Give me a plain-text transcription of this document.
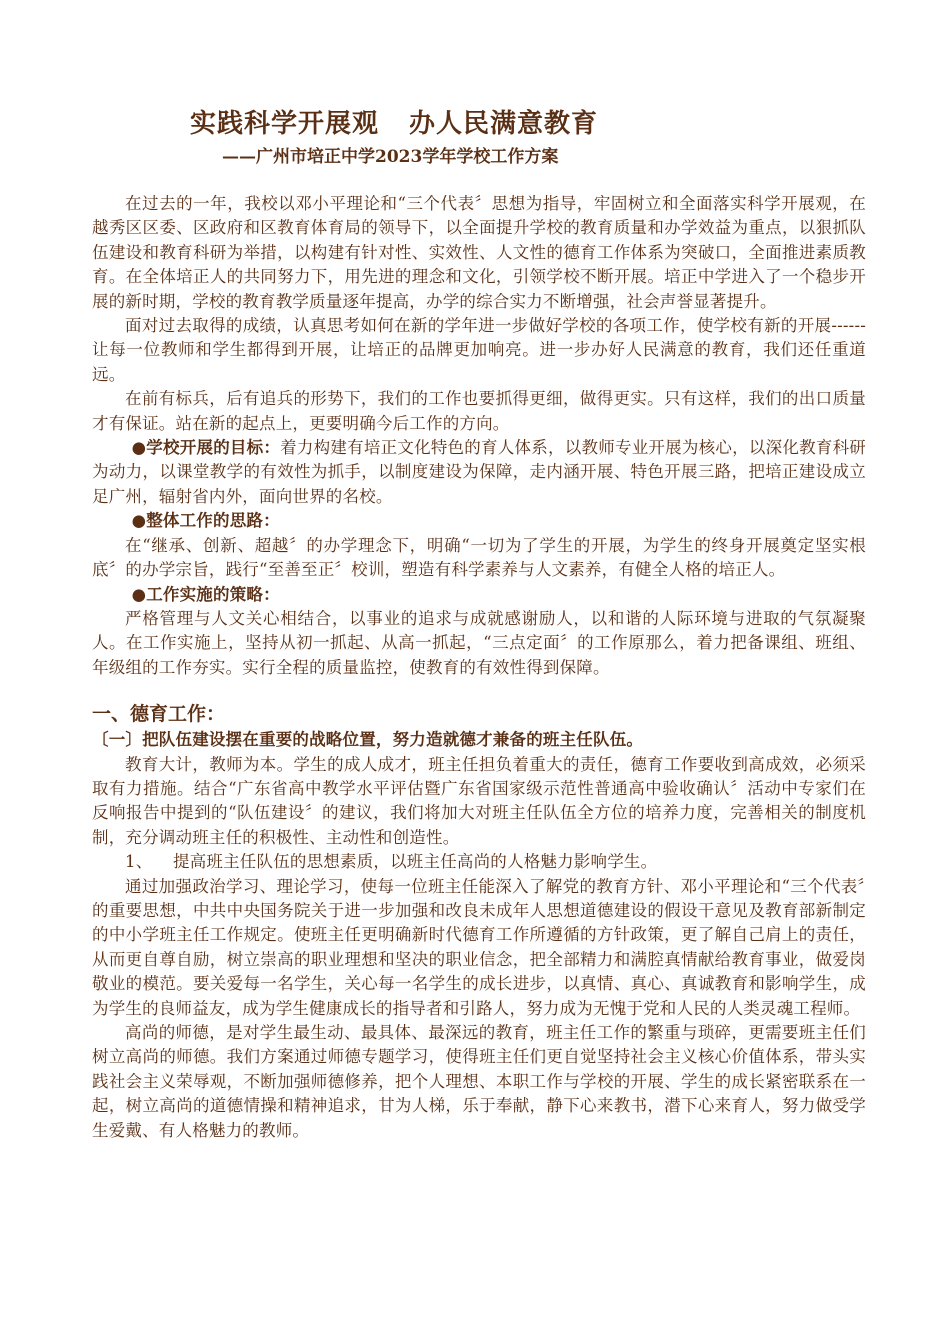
实践科学开展观 办人民满意教育
——广州市培正中学2023学年学校工作方案

在过去的一年，我校以邓小平理论和“三个代表〞思想为指导，牢固树立和全面落实科学开展观，在越秀区区委、区政府和区教育体育局的领导下，以全面提升学校的教育质量和办学效益为重点，以狠抓队伍建设和教育科研为举措，以构建有针对性、实效性、人文性的德育工作体系为突破口，全面推进素质教育。在全体培正人的共同努力下，用先进的理念和文化，引领学校不断开展。培正中学进入了一个稳步开展的新时期，学校的教育教学质量逐年提高，办学的综合实力不断增强，社会声誉显著提升。

面对过去取得的成绩，认真思考如何在新的学年进一步做好学校的各项工作，使学校有新的开展------让每一位教师和学生都得到开展，让培正的品牌更加响亮。进一步办好人民满意的教育，我们还任重道远。

在前有标兵，后有追兵的形势下，我们的工作也要抓得更细，做得更实。只有这样，我们的出口质量才有保证。站在新的起点上，更要明确今后工作的方向。

●学校开展的目标：着力构建有培正文化特色的育人体系，以教师专业开展为核心，以深化教育科研为动力，以课堂教学的有效性为抓手，以制度建设为保障，走内涵开展、特色开展三路，把培正建设成立足广州，辐射省内外，面向世界的名校。

●整体工作的思路：

在“继承、创新、超越〞的办学理念下，明确“一切为了学生的开展，为学生的终身开展奠定坚实根底〞的办学宗旨，践行“至善至正〞校训，塑造有科学素养与人文素养，有健全人格的培正人。

●工作实施的策略：

严格管理与人文关心相结合，以事业的追求与成就感谢励人，以和谐的人际环境与进取的气氛凝聚人。在工作实施上，坚持从初一抓起、从高一抓起，“三点定面〞的工作原那么，着力把备课组、班组、年级组的工作夯实。实行全程的质量监控，使教育的有效性得到保障。

一、德育工作：

〔一〕把队伍建设摆在重要的战略位置，努力造就德才兼备的班主任队伍。

教育大计，教师为本。学生的成人成才，班主任担负着重大的责任，德育工作要收到高成效，必须采取有力措施。结合“广东省高中教学水平评估暨广东省国家级示范性普通高中验收确认〞活动中专家们在反响报告中提到的“队伍建设〞的建议，我们将加大对班主任队伍全方位的培养力度，完善相关的制度机制，充分调动班主任的积极性、主动性和创造性。

1、 提高班主任队伍的思想素质，以班主任高尚的人格魅力影响学生。

通过加强政治学习、理论学习，使每一位班主任能深入了解党的教育方针、邓小平理论和“三个代表〞的重要思想，中共中央国务院关于进一步加强和改良未成年人思想道德建设的假设干意见及教育部新制定的中小学班主任工作规定。使班主任更明确新时代德育工作所遵循的方针政策，更了解自己肩上的责任，从而更自尊自励，树立崇高的职业理想和坚决的职业信念，把全部精力和满腔真情献给教育事业，做爱岗敬业的模范。要关爱每一名学生，关心每一名学生的成长进步，以真情、真心、真诚教育和影响学生，成为学生的良师益友，成为学生健康成长的指导者和引路人，努力成为无愧于党和人民的人类灵魂工程师。

高尚的师德，是对学生最生动、最具体、最深远的教育，班主任工作的繁重与琐碎，更需要班主任们树立高尚的师德。我们方案通过师德专题学习，使得班主任们更自觉坚持社会主义核心价值体系，带头实践社会主义荣辱观，不断加强师德修养，把个人理想、本职工作与学校的开展、学生的成长紧密联系在一起，树立高尚的道德情操和精神追求，甘为人梯，乐于奉献，静下心来教书，潜下心来育人，努力做受学生爱戴、有人格魅力的教师。
